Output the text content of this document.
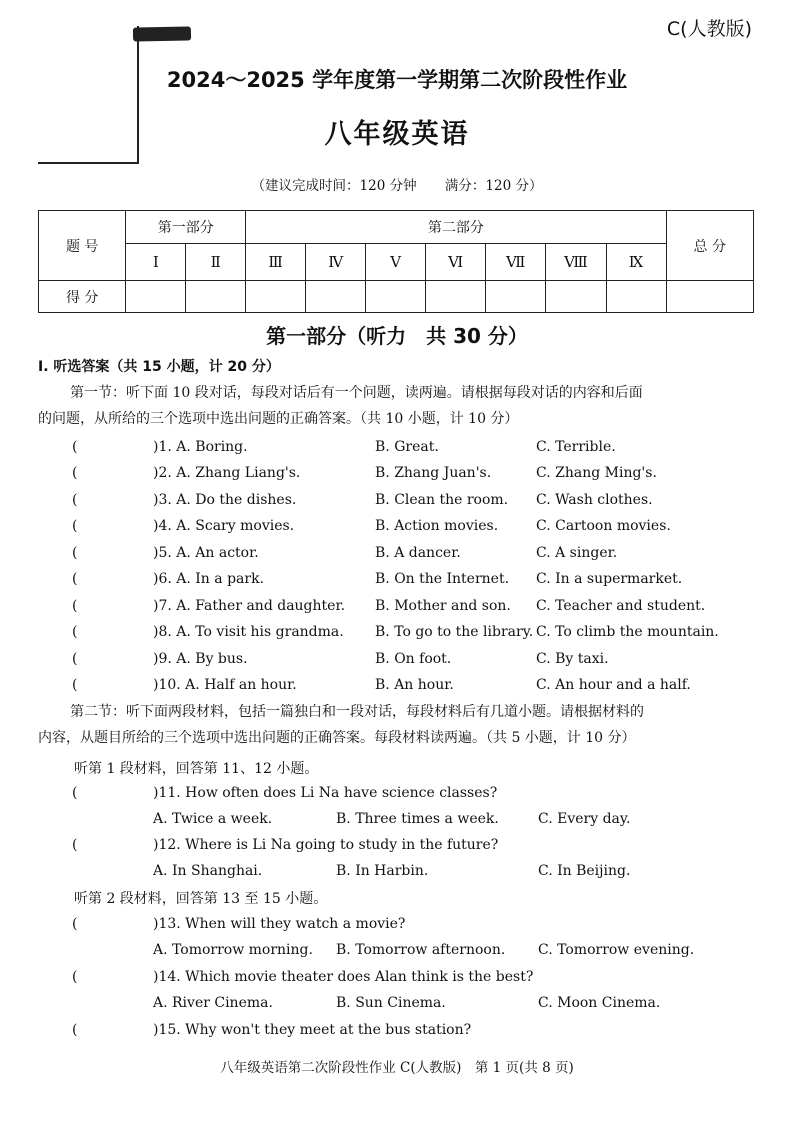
C(人教版)
2024～2025 学年度第一学期第二次阶段性作业
八年级英语
（建议完成时间：120 分钟 满分：120 分）
题 号	第一部分		第二部分							总 分
	Ⅰ	Ⅱ	Ⅲ	Ⅳ	Ⅴ	Ⅵ	Ⅶ	Ⅷ	Ⅸ	
得 分										
第一部分（听力　共 30 分）
Ⅰ. 听选答案（共 15 小题，计 20 分）
第一节：听下面 10 段对话，每段对话后有一个问题，读两遍。请根据每段对话的内容和后面
的问题，从所给的三个选项中选出问题的正确答案。（共 10 小题，计 10 分）
(	)1. A. Boring.	B. Great.	C. Terrible.
(	)2. A. Zhang Liang's.	B. Zhang Juan's.	C. Zhang Ming's.
(	)3. A. Do the dishes.	B. Clean the room. C. Wash clothes.
(	)4. A. Scary movies.	B. Action movies.	C. Cartoon movies.
(	)5. A. An actor.	B. A dancer.	C. A singer.
(	)6. A. In a park.	B. On the Internet. C. In a supermarket.
(	)7. A. Father and daughter. B. Mother and son. C. Teacher and student.
(	)8. A. To visit his grandma. B. To go to the library. C. To climb the mountain.
(	)9. A. By bus.	B. On foot.	C. By taxi.
(	)10. A. Half an hour.	B. An hour.	C. An hour and a half.
第二节：听下面两段材料，包括一篇独白和一段对话，每段材料后有几道小题。请根据材料的
内容，从题目所给的三个选项中选出问题的正确答案。每段材料读两遍。（共 5 小题，计 10 分）
听第 1 段材料，回答第 11、12 小题。
(	)11. How often does Li Na have science classes?
A. Twice a week.	B. Three times a week.	C. Every day.
(	)12. Where is Li Na going to study in the future?
A. In Shanghai.	B. In Harbin.	C. In Beijing.
听第 2 段材料，回答第 13 至 15 小题。
(	)13. When will they watch a movie?
A. Tomorrow morning. B. Tomorrow afternoon. C. Tomorrow evening.
(	)14. Which movie theater does Alan think is the best?
A. River Cinema.	B. Sun Cinema.	C. Moon Cinema.
(	)15. Why won't they meet at the bus station?
八年级英语第二次阶段性作业 C(人教版)　第 1 页(共 8 页)
